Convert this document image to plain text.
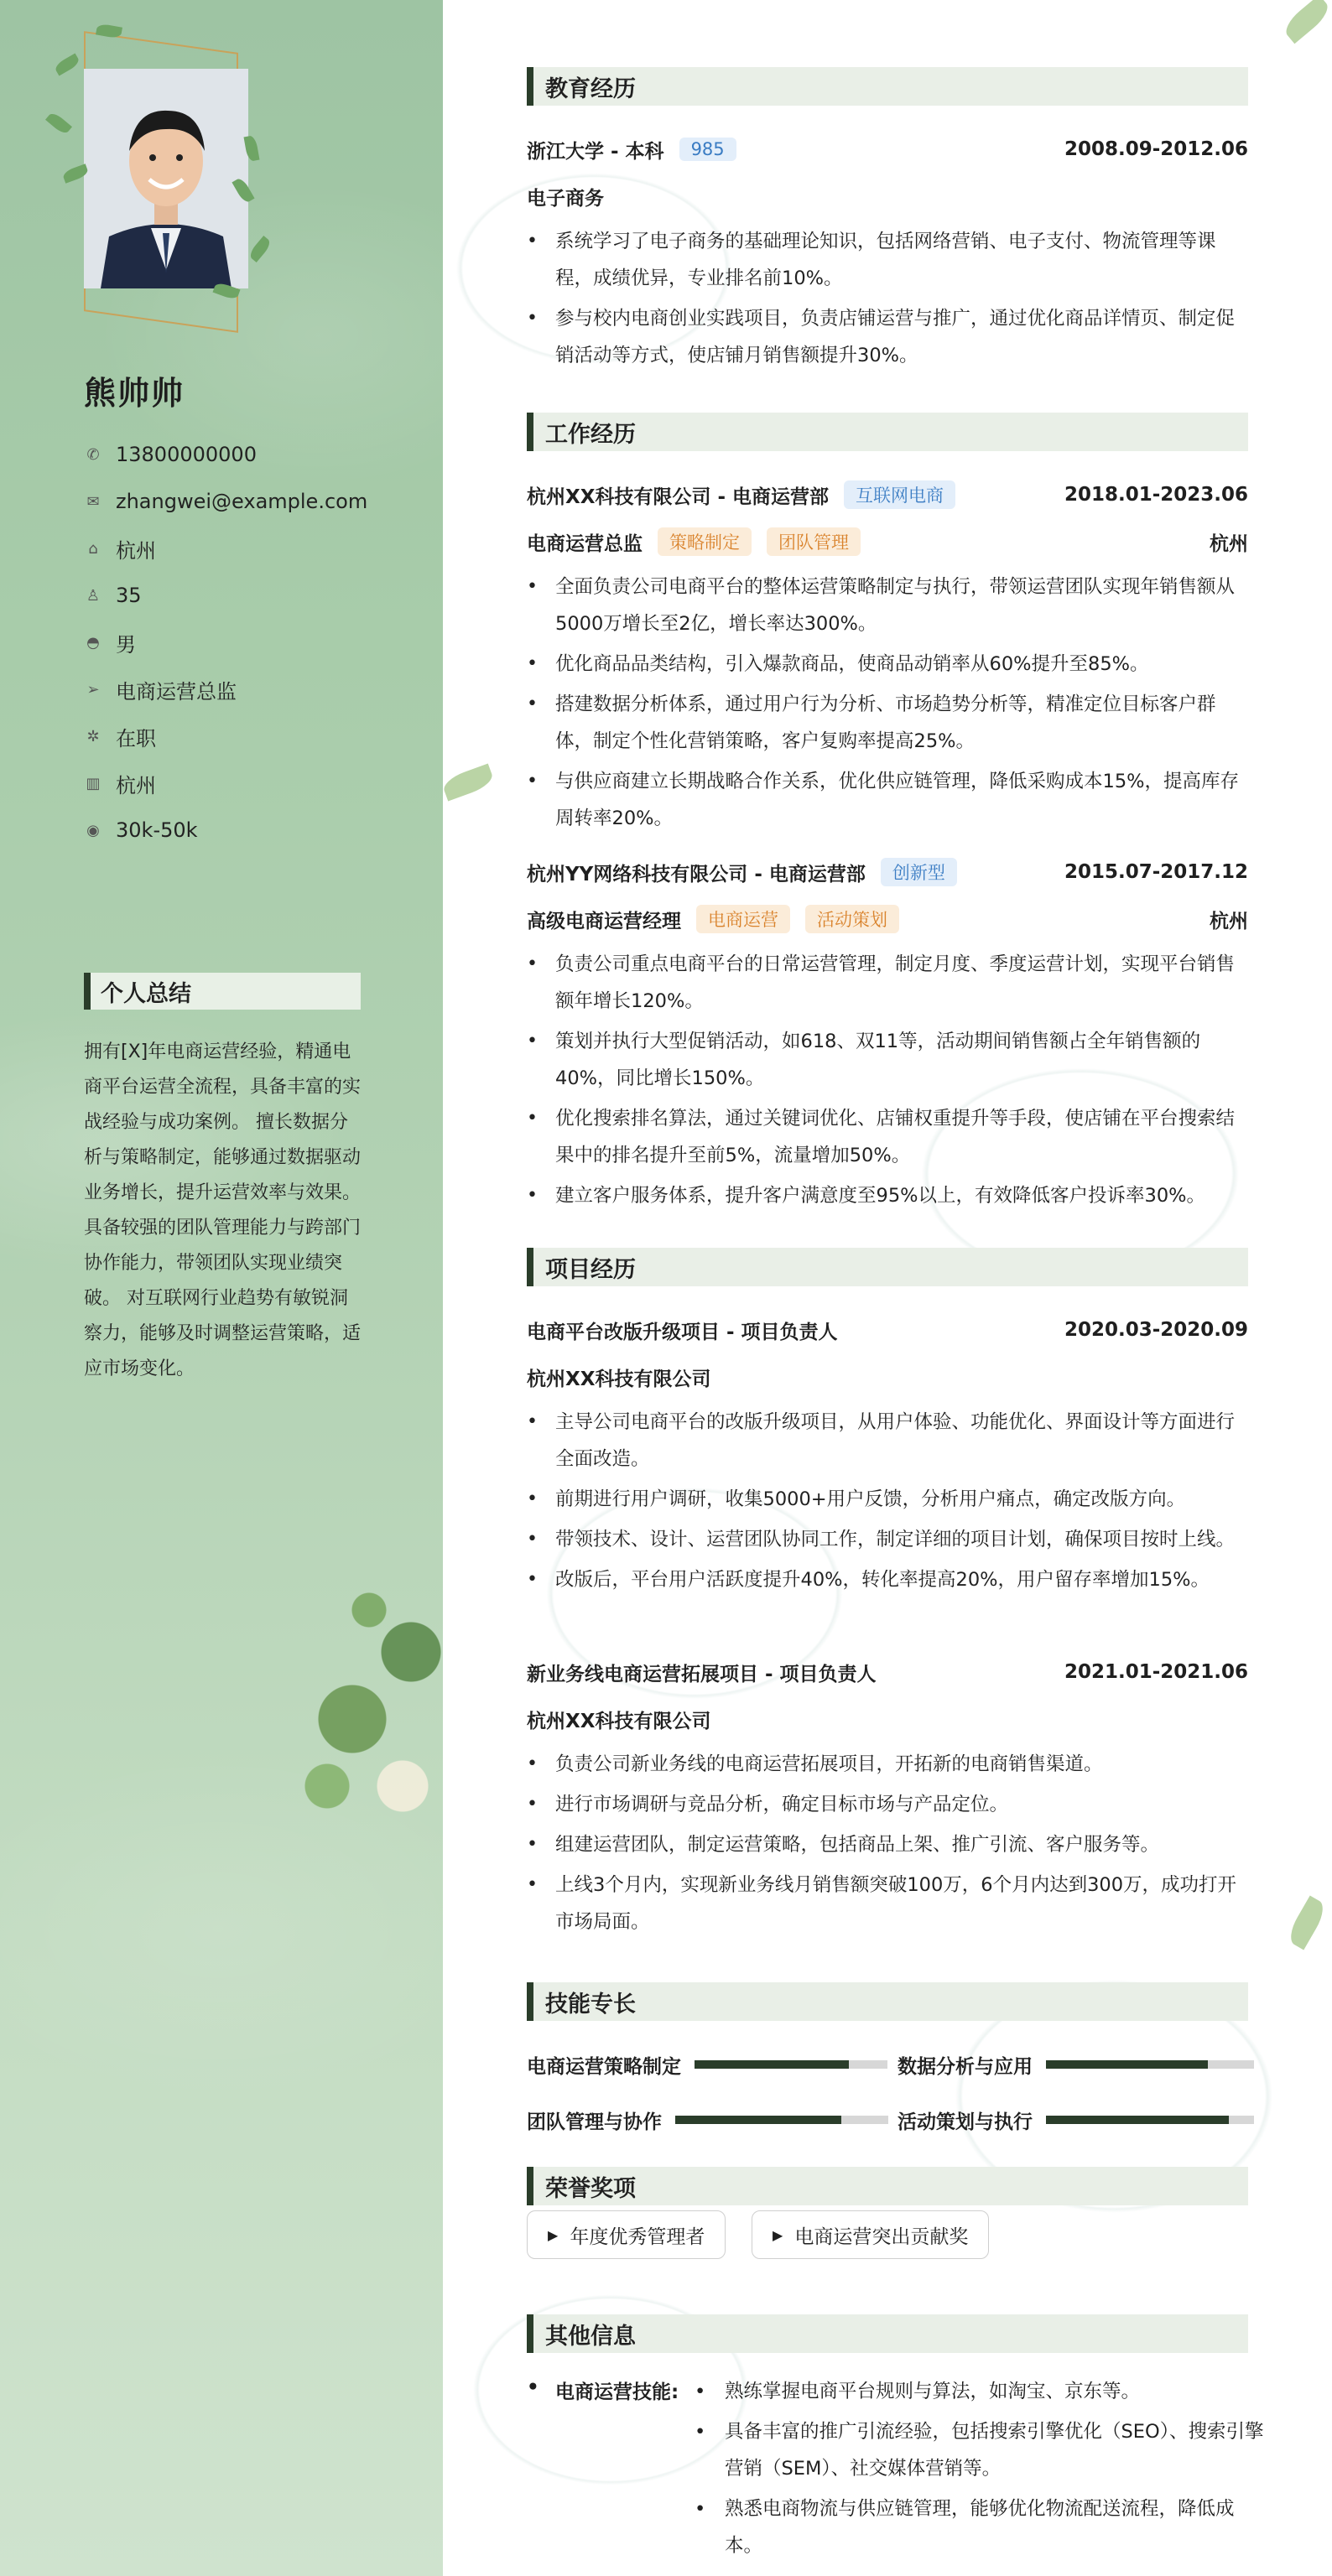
熊帅帅
✆ 13800000000
✉ zhangwei@example.com
⌂ 杭州
♙ 35
◓ 男
➢ 电商运营总监
✲ 在职
▥ 杭州
◉ 30k-50k
个人总结
拥有[X]年电商运营经验，精通电商平台运营全流程，具备丰富的实战经验与成功案例。 擅长数据分析与策略制定，能够通过数据驱动业务增长，提升运营效率与效果。 具备较强的团队管理能力与跨部门协作能力，带领团队实现业绩突破。 对互联网行业趋势有敏锐洞察力，能够及时调整运营策略，适应市场变化。
教育经历
浙江大学 - 本科	985	2008.09-2012.06
电子商务
• 系统学习了电子商务的基础理论知识，包括网络营销、电子支付、物流管理等课程，成绩优异，专业排名前10%。
• 参与校内电商创业实践项目，负责店铺运营与推广，通过优化商品详情页、制定促销活动等方式，使店铺月销售额提升30%。
工作经历
杭州XX科技有限公司 - 电商运营部	互联网电商	2018.01-2023.06
电商运营总监	策略制定	团队管理	杭州
• 全面负责公司电商平台的整体运营策略制定与执行，带领运营团队实现年销售额从5000万增长至2亿，增长率达300%。
• 优化商品品类结构，引入爆款商品，使商品动销率从60%提升至85%。
• 搭建数据分析体系，通过用户行为分析、市场趋势分析等，精准定位目标客户群体，制定个性化营销策略，客户复购率提高25%。
• 与供应商建立长期战略合作关系，优化供应链管理，降低采购成本15%，提高库存周转率20%。
杭州YY网络科技有限公司 - 电商运营部	创新型	2015.07-2017.12
高级电商运营经理	电商运营	活动策划	杭州
• 负责公司重点电商平台的日常运营管理，制定月度、季度运营计划，实现平台销售额年增长120%。
• 策划并执行大型促销活动，如618、双11等，活动期间销售额占全年销售额的40%，同比增长150%。
• 优化搜索排名算法，通过关键词优化、店铺权重提升等手段，使店铺在平台搜索结果中的排名提升至前5%，流量增加50%。
• 建立客户服务体系，提升客户满意度至95%以上，有效降低客户投诉率30%。
项目经历
电商平台改版升级项目 - 项目负责人	2020.03-2020.09
杭州XX科技有限公司
• 主导公司电商平台的改版升级项目，从用户体验、功能优化、界面设计等方面进行全面改造。
• 前期进行用户调研，收集5000+用户反馈，分析用户痛点，确定改版方向。
• 带领技术、设计、运营团队协同工作，制定详细的项目计划，确保项目按时上线。
• 改版后，平台用户活跃度提升40%，转化率提高20%，用户留存率增加15%。
新业务线电商运营拓展项目 - 项目负责人	2021.01-2021.06
杭州XX科技有限公司
• 负责公司新业务线的电商运营拓展项目，开拓新的电商销售渠道。
• 进行市场调研与竞品分析，确定目标市场与产品定位。
• 组建运营团队，制定运营策略，包括商品上架、推广引流、客户服务等。
• 上线3个月内，实现新业务线月销售额突破100万，6个月内达到300万，成功打开市场局面。
技能专长
电商运营策略制定	数据分析与应用
团队管理与协作	活动策划与执行
荣誉奖项
▶ 年度优秀管理者	▶ 电商运营突出贡献奖
其他信息
• 电商运营技能:
•	熟练掌握电商平台规则与算法，如淘宝、京东等。
• 具备丰富的推广引流经验，包括搜索引擎优化（SEO）、搜索引擎营销（SEM）、社交媒体营销等。
• 熟悉电商物流与供应链管理，能够优化物流配送流程，降低成本。
